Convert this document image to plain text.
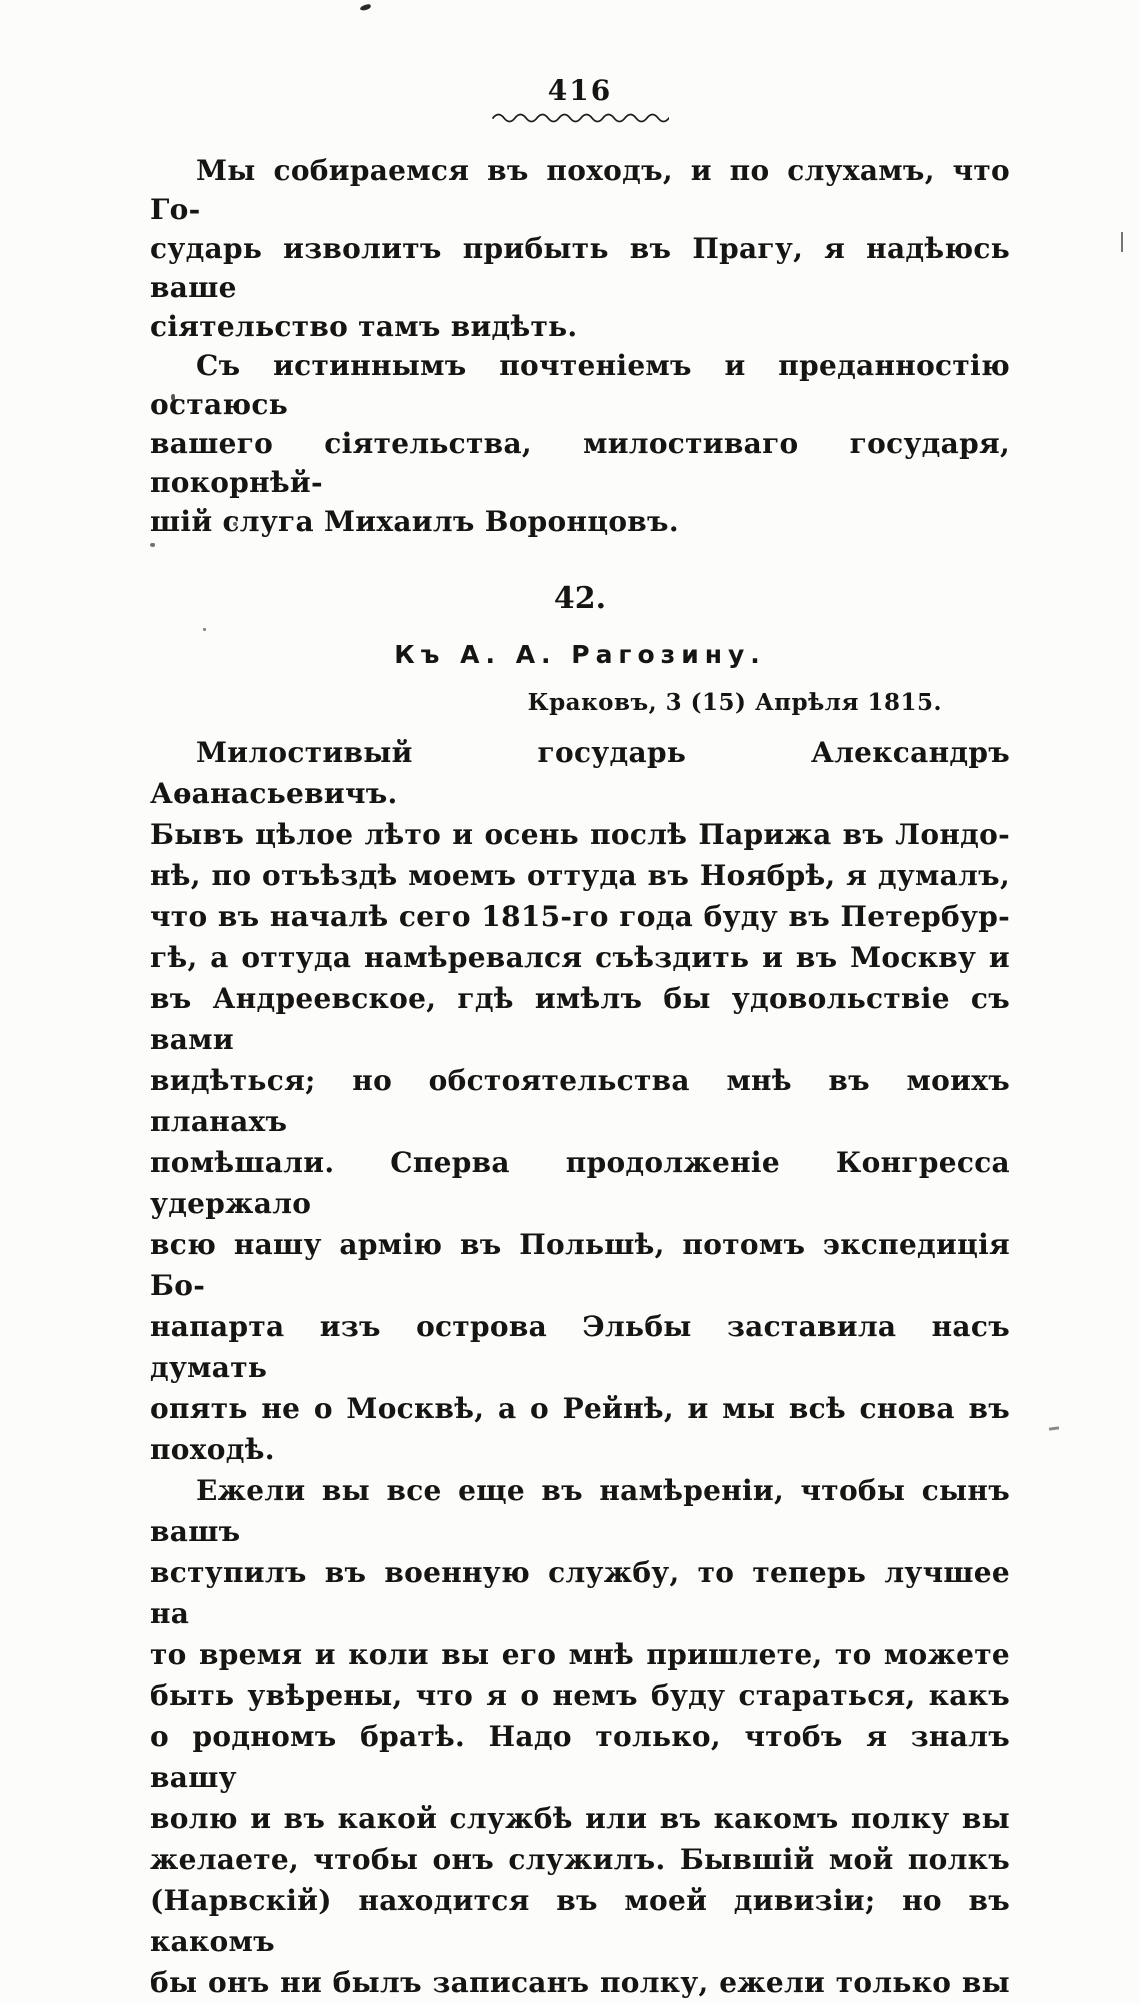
416
Мы собираемся въ походъ, и по слухамъ, что Го-
сударь изволитъ прибыть въ Прагу, я надѣюсь ваше
сіятельство тамъ видѣть.
Съ истиннымъ почтеніемъ и преданностію остаюсь
вашего сіятельства, милостиваго государя, покорнѣй-
шій слуга Михаилъ Воронцовъ.
42.
Къ А. А. Рагозину.
Краковъ, 3 (15) Апрѣля 1815.
Милостивый государь Александръ Аѳанасьевичъ.
Бывъ цѣлое лѣто и осень послѣ Парижа въ Лондо-
нѣ, по отъѣздѣ моемъ оттуда въ Ноябрѣ, я думалъ,
что въ началѣ сего 1815-го года буду въ Петербур-
гѣ, а оттуда намѣревался съѣздить и въ Москву и
въ Андреевское, гдѣ имѣлъ бы удовольствіе съ вами
видѣться; но обстоятельства мнѣ въ моихъ планахъ
помѣшали. Сперва продолженіе Конгресса удержало
всю нашу армію въ Польшѣ, потомъ экспедиція Бо-
напарта изъ острова Эльбы заставила насъ думать
опять не о Москвѣ, а о Рейнѣ, и мы всѣ снова въ
походѣ.
Ежели вы все еще въ намѣреніи, чтобы сынъ вашъ
вступилъ въ военную службу, то теперь лучшее на
то время и коли вы его мнѣ пришлете, то можете
быть увѣрены, что я о немъ буду стараться, какъ
о родномъ братѣ. Надо только, чтобъ я зналъ вашу
волю и въ какой службѣ или въ какомъ полку вы
желаете, чтобы онъ служилъ. Бывшій мой полкъ
(Нарвскій) находится въ моей дивизіи; но въ какомъ
бы онъ ни былъ записанъ полку, ежели только вы
